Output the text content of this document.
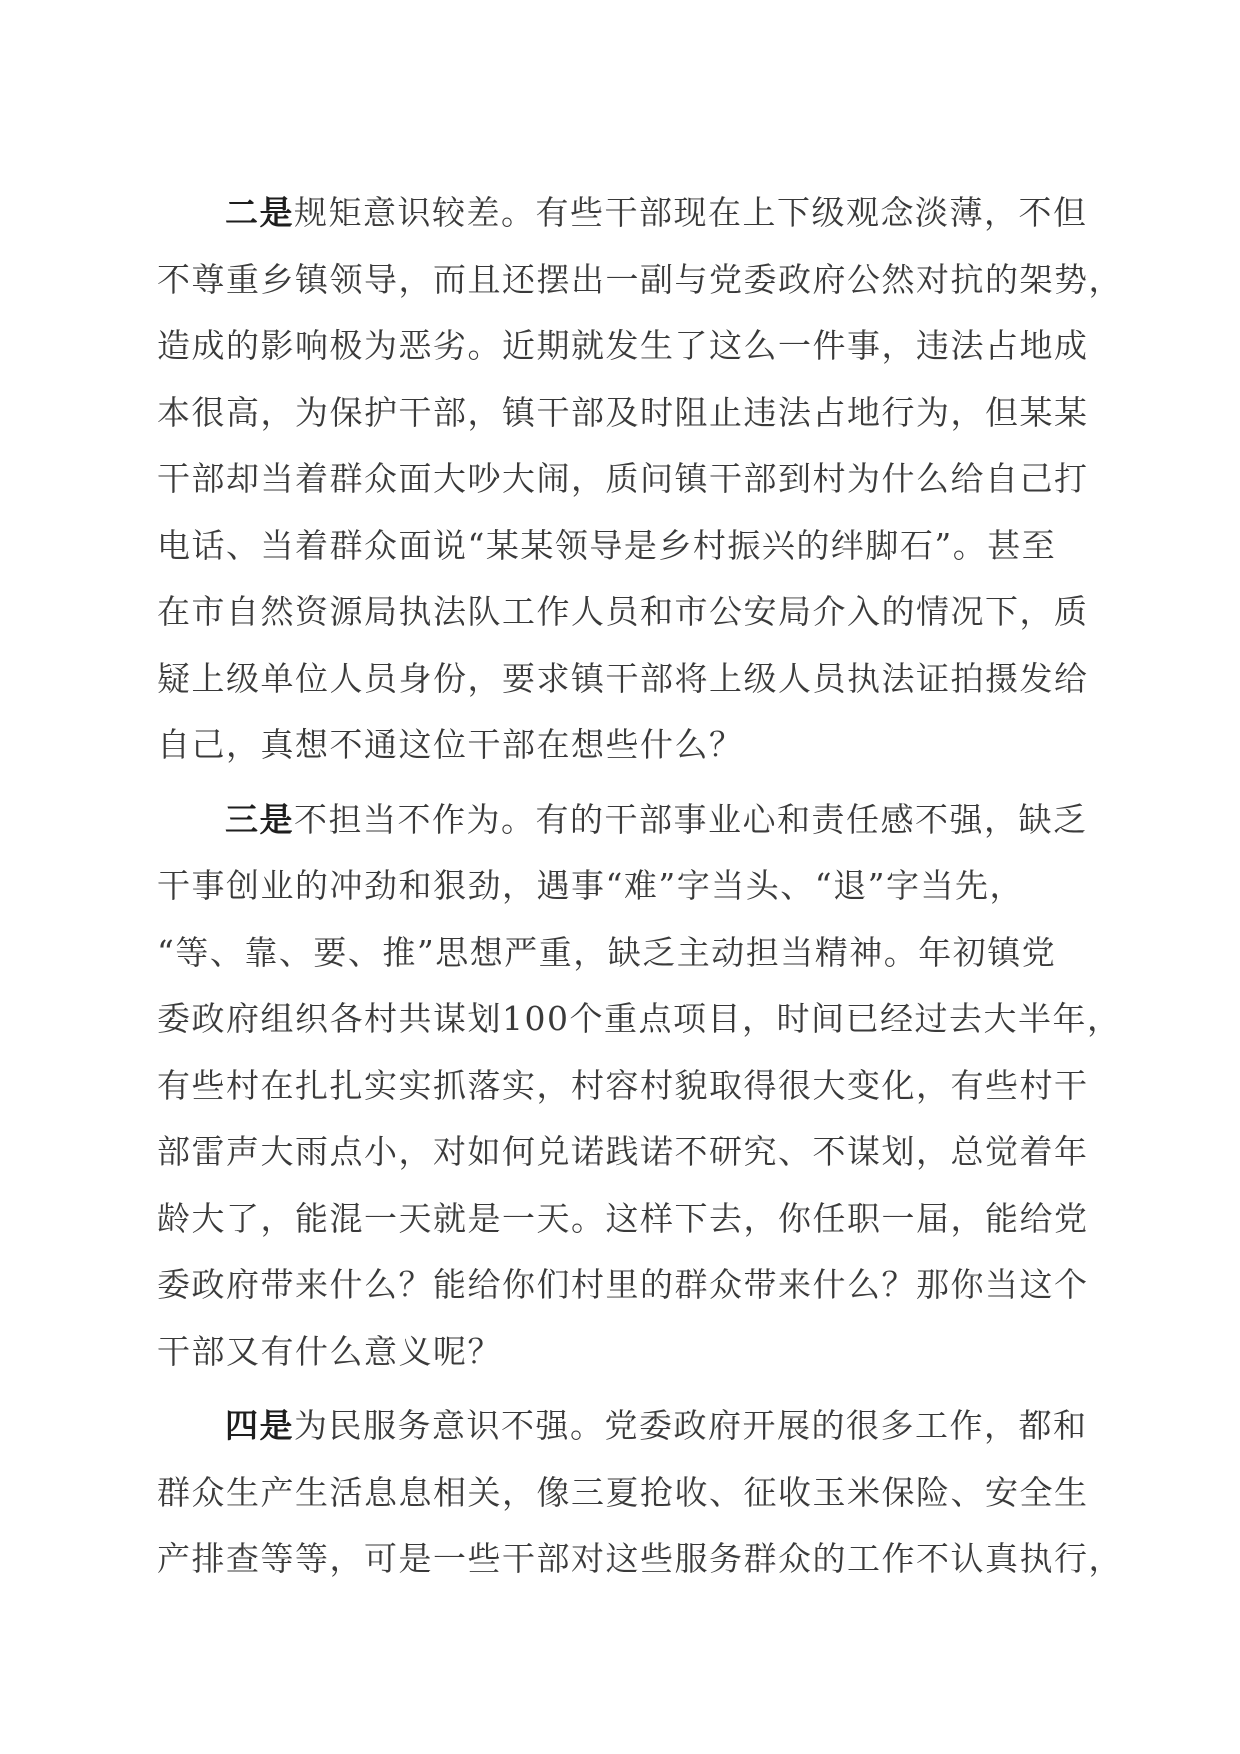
二是规矩意识较差。有些干部现在上下级观念淡薄，不但
不尊重乡镇领导，而且还摆出一副与党委政府公然对抗的架势，
造成的影响极为恶劣。近期就发生了这么一件事，违法占地成
本很高，为保护干部，镇干部及时阻止违法占地行为，但某某
干部却当着群众面大吵大闹，质问镇干部到村为什么给自己打
电话、当着群众面说“某某领导是乡村振兴的绊脚石”。甚至
在市自然资源局执法队工作人员和市公安局介入的情况下，质
疑上级单位人员身份，要求镇干部将上级人员执法证拍摄发给
自己，真想不通这位干部在想些什么？
三是不担当不作为。有的干部事业心和责任感不强，缺乏
干事创业的冲劲和狠劲，遇事“难”字当头、“退”字当先，
“等、靠、要、推”思想严重，缺乏主动担当精神。年初镇党
委政府组织各村共谋划100个重点项目，时间已经过去大半年，
有些村在扎扎实实抓落实，村容村貌取得很大变化，有些村干
部雷声大雨点小，对如何兑诺践诺不研究、不谋划，总觉着年
龄大了，能混一天就是一天。这样下去，你任职一届，能给党
委政府带来什么？能给你们村里的群众带来什么？那你当这个
干部又有什么意义呢？
四是为民服务意识不强。党委政府开展的很多工作，都和
群众生产生活息息相关，像三夏抢收、征收玉米保险、安全生
产排查等等，可是一些干部对这些服务群众的工作不认真执行，
